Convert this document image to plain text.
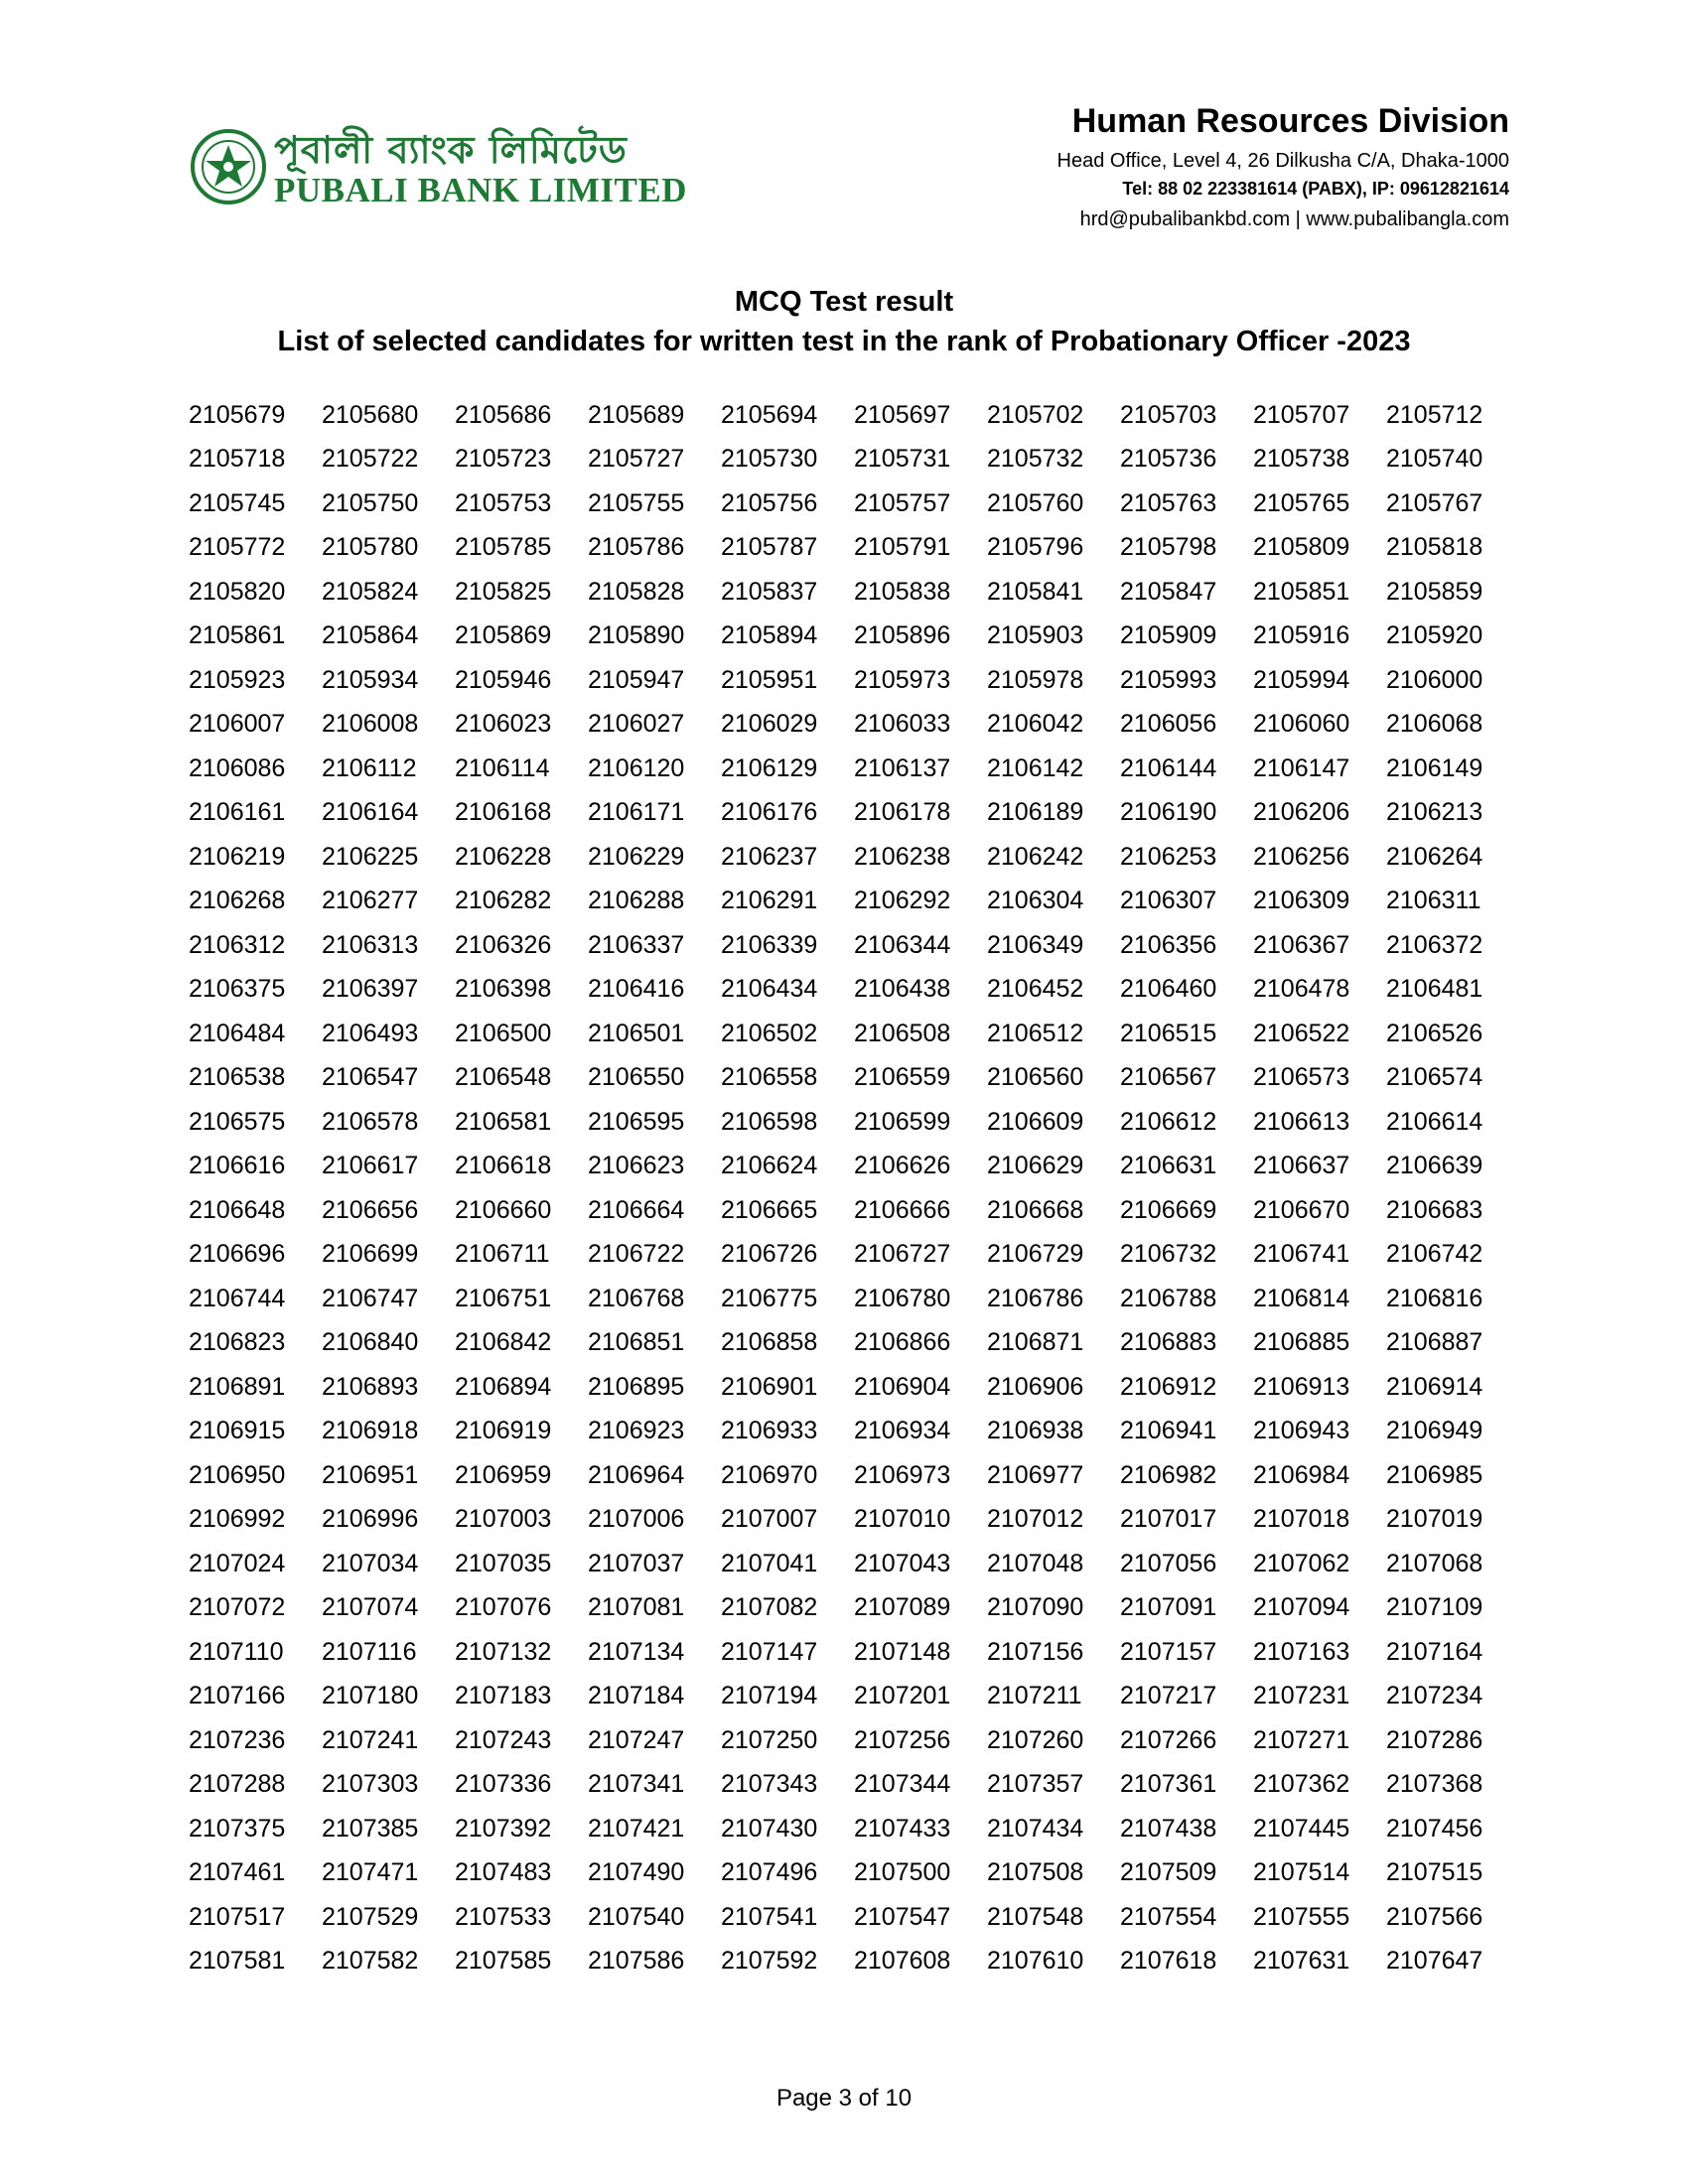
পূবালী ব্যাংক লিমিটেড
PUBALI BANK LIMITED
Human Resources Division
Head Office, Level 4, 26 Dilkusha C/A, Dhaka-1000
Tel: 88 02 223381614 (PABX), IP: 09612821614
hrd@pubalibankbd.com | www.pubalibangla.com
MCQ Test result
List of selected candidates for written test in the rank of Probationary Officer -2023
2105679	2105680	2105686	2105689	2105694	2105697	2105702	2105703	2105707	2105712
2105718	2105722	2105723	2105727	2105730	2105731	2105732	2105736	2105738	2105740
2105745	2105750	2105753	2105755	2105756	2105757	2105760	2105763	2105765	2105767
2105772	2105780	2105785	2105786	2105787	2105791	2105796	2105798	2105809	2105818
2105820	2105824	2105825	2105828	2105837	2105838	2105841	2105847	2105851	2105859
2105861	2105864	2105869	2105890	2105894	2105896	2105903	2105909	2105916	2105920
2105923	2105934	2105946	2105947	2105951	2105973	2105978	2105993	2105994	2106000
2106007	2106008	2106023	2106027	2106029	2106033	2106042	2106056	2106060	2106068
2106086	2106112	2106114	2106120	2106129	2106137	2106142	2106144	2106147	2106149
2106161	2106164	2106168	2106171	2106176	2106178	2106189	2106190	2106206	2106213
2106219	2106225	2106228	2106229	2106237	2106238	2106242	2106253	2106256	2106264
2106268	2106277	2106282	2106288	2106291	2106292	2106304	2106307	2106309	2106311
2106312	2106313	2106326	2106337	2106339	2106344	2106349	2106356	2106367	2106372
2106375	2106397	2106398	2106416	2106434	2106438	2106452	2106460	2106478	2106481
2106484	2106493	2106500	2106501	2106502	2106508	2106512	2106515	2106522	2106526
2106538	2106547	2106548	2106550	2106558	2106559	2106560	2106567	2106573	2106574
2106575	2106578	2106581	2106595	2106598	2106599	2106609	2106612	2106613	2106614
2106616	2106617	2106618	2106623	2106624	2106626	2106629	2106631	2106637	2106639
2106648	2106656	2106660	2106664	2106665	2106666	2106668	2106669	2106670	2106683
2106696	2106699	2106711	2106722	2106726	2106727	2106729	2106732	2106741	2106742
2106744	2106747	2106751	2106768	2106775	2106780	2106786	2106788	2106814	2106816
2106823	2106840	2106842	2106851	2106858	2106866	2106871	2106883	2106885	2106887
2106891	2106893	2106894	2106895	2106901	2106904	2106906	2106912	2106913	2106914
2106915	2106918	2106919	2106923	2106933	2106934	2106938	2106941	2106943	2106949
2106950	2106951	2106959	2106964	2106970	2106973	2106977	2106982	2106984	2106985
2106992	2106996	2107003	2107006	2107007	2107010	2107012	2107017	2107018	2107019
2107024	2107034	2107035	2107037	2107041	2107043	2107048	2107056	2107062	2107068
2107072	2107074	2107076	2107081	2107082	2107089	2107090	2107091	2107094	2107109
2107110	2107116	2107132	2107134	2107147	2107148	2107156	2107157	2107163	2107164
2107166	2107180	2107183	2107184	2107194	2107201	2107211	2107217	2107231	2107234
2107236	2107241	2107243	2107247	2107250	2107256	2107260	2107266	2107271	2107286
2107288	2107303	2107336	2107341	2107343	2107344	2107357	2107361	2107362	2107368
2107375	2107385	2107392	2107421	2107430	2107433	2107434	2107438	2107445	2107456
2107461	2107471	2107483	2107490	2107496	2107500	2107508	2107509	2107514	2107515
2107517	2107529	2107533	2107540	2107541	2107547	2107548	2107554	2107555	2107566
2107581	2107582	2107585	2107586	2107592	2107608	2107610	2107618	2107631	2107647
Page 3 of 10
